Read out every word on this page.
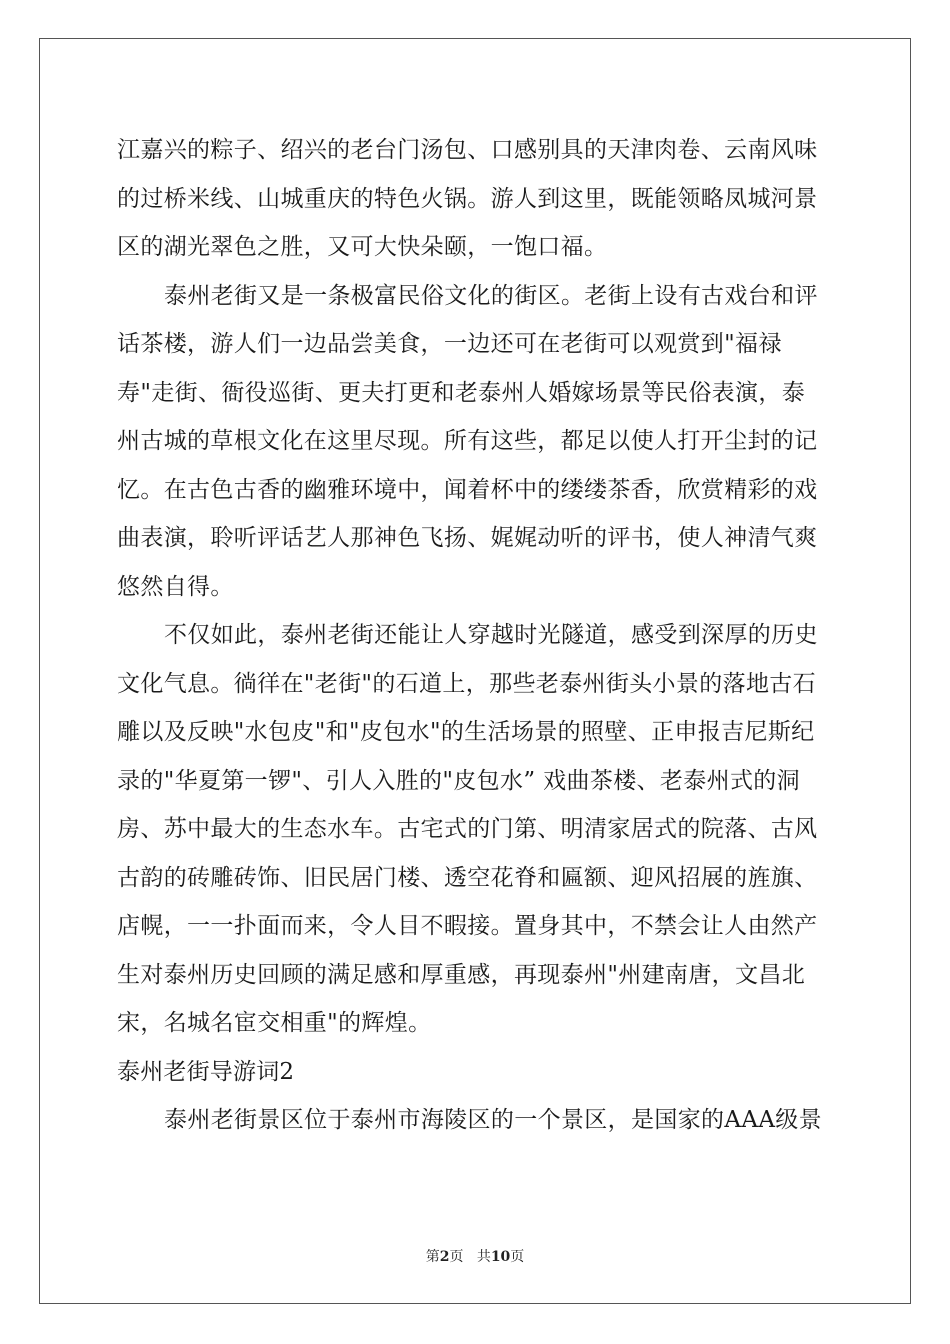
江嘉兴的粽子、绍兴的老台门汤包、口感别具的天津肉卷、云南风味
的过桥米线、山城重庆的特色火锅。游人到这里，既能领略凤城河景
区的湖光翠色之胜，又可大快朵颐，一饱口福。
泰州老街又是一条极富民俗文化的街区。老街上设有古戏台和评
话茶楼，游人们一边品尝美食，一边还可在老街可以观赏到"福禄
寿"走街、衙役巡街、更夫打更和老泰州人婚嫁场景等民俗表演，泰
州古城的草根文化在这里尽现。所有这些，都足以使人打开尘封的记
忆。在古色古香的幽雅环境中，闻着杯中的缕缕茶香，欣赏精彩的戏
曲表演，聆听评话艺人那神色飞扬、娓娓动听的评书，使人神清气爽
悠然自得。
不仅如此，泰州老街还能让人穿越时光隧道，感受到深厚的历史
文化气息。徜徉在"老街"的石道上，那些老泰州街头小景的落地古石
雕以及反映"水包皮"和"皮包水"的生活场景的照壁、正申报吉尼斯纪
录的"华夏第一锣"、引人入胜的"皮包水” 戏曲茶楼、老泰州式的洞
房、苏中最大的生态水车。古宅式的门第、明清家居式的院落、古风
古韵的砖雕砖饰、旧民居门楼、透空花脊和匾额、迎风招展的旌旗、
店幌，一一扑面而来，令人目不暇接。置身其中，不禁会让人由然产
生对泰州历史回顾的满足感和厚重感，再现泰州"州建南唐，文昌北
宋，名城名宦交相重"的辉煌。
泰州老街导游词2
泰州老街景区位于泰州市海陵区的一个景区，是国家的AAA级景
第2页 共10页
